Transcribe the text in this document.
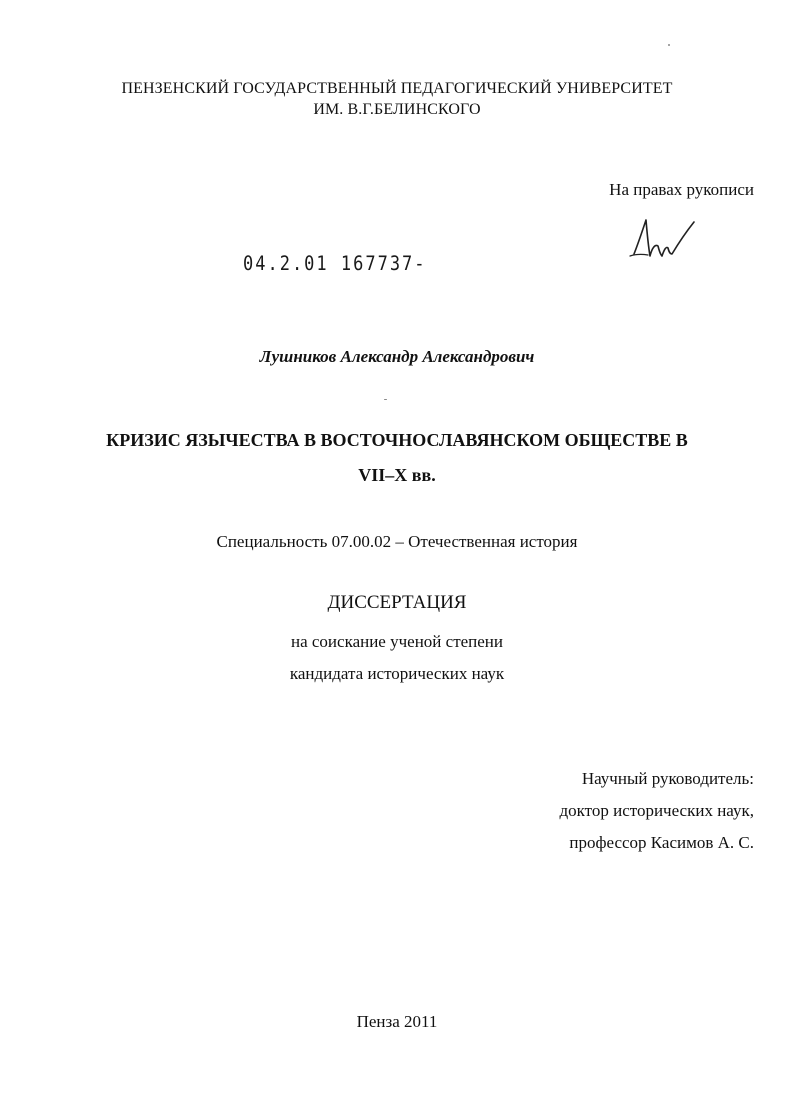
ПЕНЗЕНСКИЙ ГОСУДАРСТВЕННЫЙ ПЕДАГОГИЧЕСКИЙ УНИВЕРСИТЕТ
ИМ. В.Г.БЕЛИНСКОГО
На правах рукописи
04.2.01 167737-
Лушников Александр Александрович
КРИЗИС ЯЗЫЧЕСТВА В ВОСТОЧНОСЛАВЯНСКОМ ОБЩЕСТВЕ В
VII–X вв.
Специальность 07.00.02 – Отечественная история
ДИССЕРТАЦИЯ
на соискание ученой степени
кандидата исторических наук
Научный руководитель:
доктор исторических наук,
профессор Касимов А. С.
Пенза 2011
